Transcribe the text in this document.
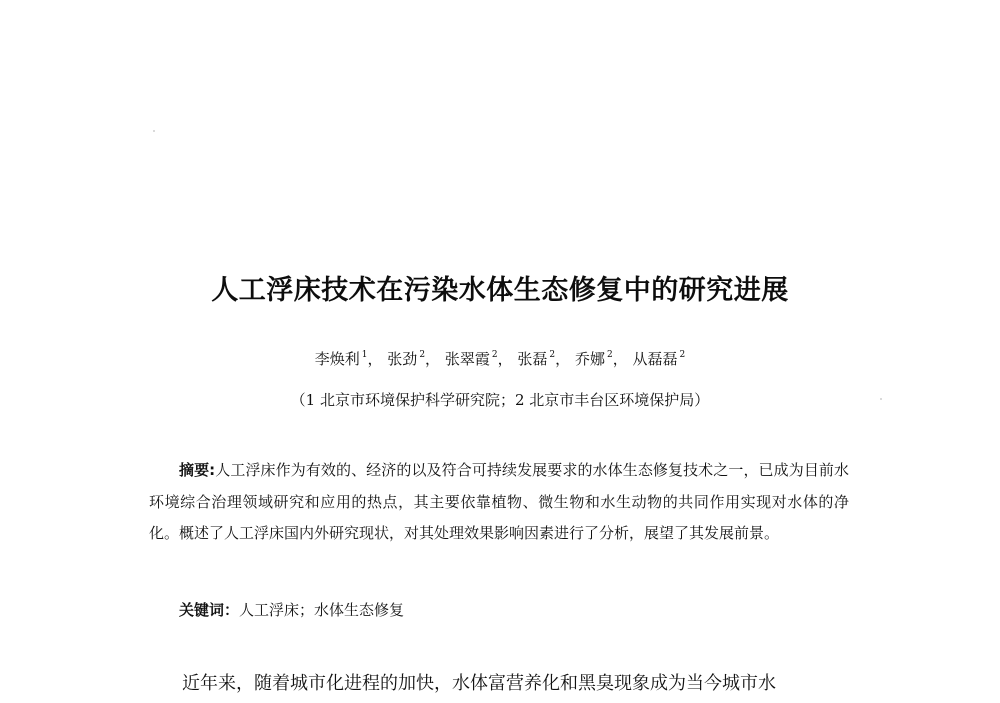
人工浮床技术在污染水体生态修复中的研究进展
李焕利 $^1$， 张劲 $^2$， 张翠霞 $^2$， 张磊 $^2$， 乔娜 $^2$， 从磊磊 $^2$
（1 北京市环境保护科学研究院；2 北京市丰台区环境保护局）
摘要:人工浮床作为有效的、经济的以及符合可持续发展要求的水体生态修复技术之一，已成为目前水环境综合治理领域研究和应用的热点，其主要依靠植物、微生物和水生动物的共同作用实现对水体的净化。概述了人工浮床国内外研究现状，对其处理效果影响因素进行了分析，展望了其发展前景。
关键词：人工浮床；水体生态修复
近年来，随着城市化进程的加快，水体富营养化和黑臭现象成为当今城市水
